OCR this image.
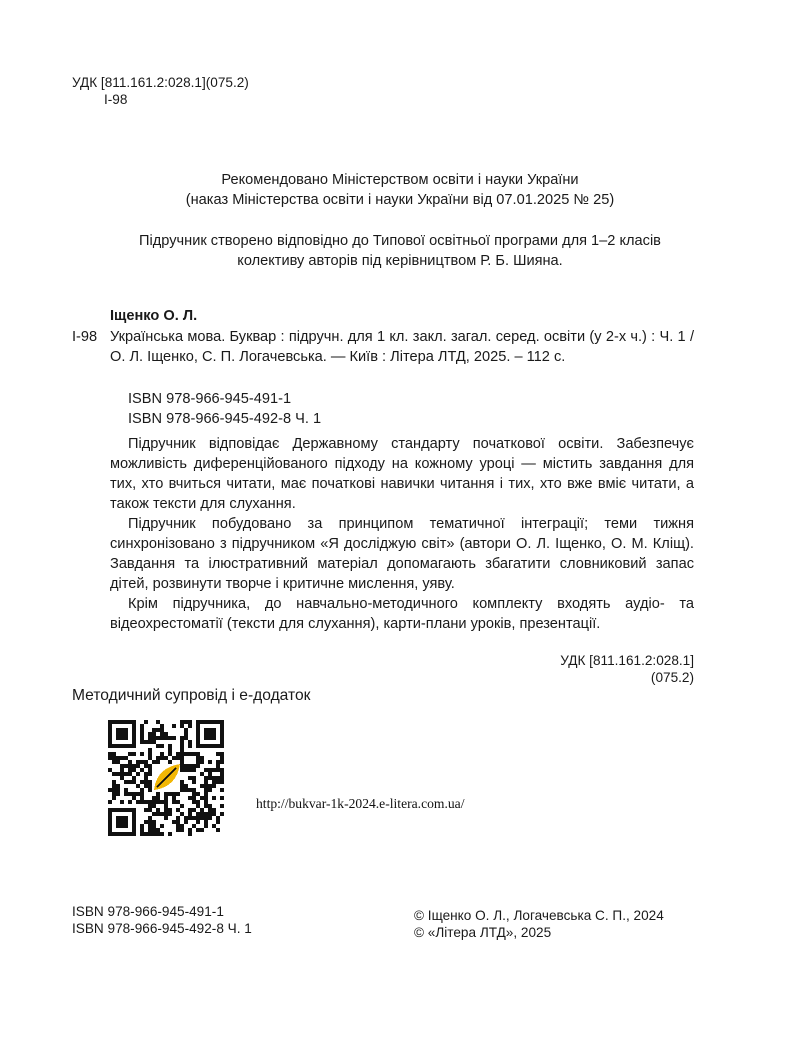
УДК [811.161.2:028.1](075.2)
І-98
Рекомендовано Міністерством освіти і науки України
(наказ Міністерства освіти і науки України від 07.01.2025 № 25)
Підручник створено відповідно до Типової освітньої програми для 1–2 класів
колективу авторів під керівництвом Р. Б. Шияна.
Іщенко О. Л.
І-98 Українська мова. Буквар : підручн. для 1 кл. закл. загал. серед. освіти (у 2-х ч.) : Ч. 1 / О. Л. Іщенко, С. П. Логачевська. — Київ : Літера ЛТД, 2025. – 112 с.
ISBN 978-966-945-491-1
ISBN 978-966-945-492-8 Ч. 1

Підручник відповідає Державному стандарту початкової освіти. Забезпечує можливість диференційованого підходу на кожному уроці — містить завдання для тих, хто вчиться читати, має початкові навички читання і тих, хто вже вміє читати, а також тексти для слухання.

Підручник побудовано за принципом тематичної інтеграції; теми тижня синхронізовано з підручником «Я досліджую світ» (автори О. Л. Іщенко, О. М. Кліщ). Завдання та ілюстративний матеріал допомагають збагатити словниковий запас дітей, розвинути творче і критичне мислення, уяву.

Крім підручника, до навчально-методичного комплекту входять аудіо- та відеохрестоматії (тексти для слухання), карти-плани уроків, презентації.

УДК [811.161.2:028.1](075.2)
Методичний супровід і е-додаток
http://bukvar-1k-2024.e-litera.com.ua/
ISBN 978-966-945-491-1
ISBN 978-966-945-492-8 Ч. 1
© Іщенко О. Л., Логачевська С. П., 2024
© «Літера ЛТД», 2025
